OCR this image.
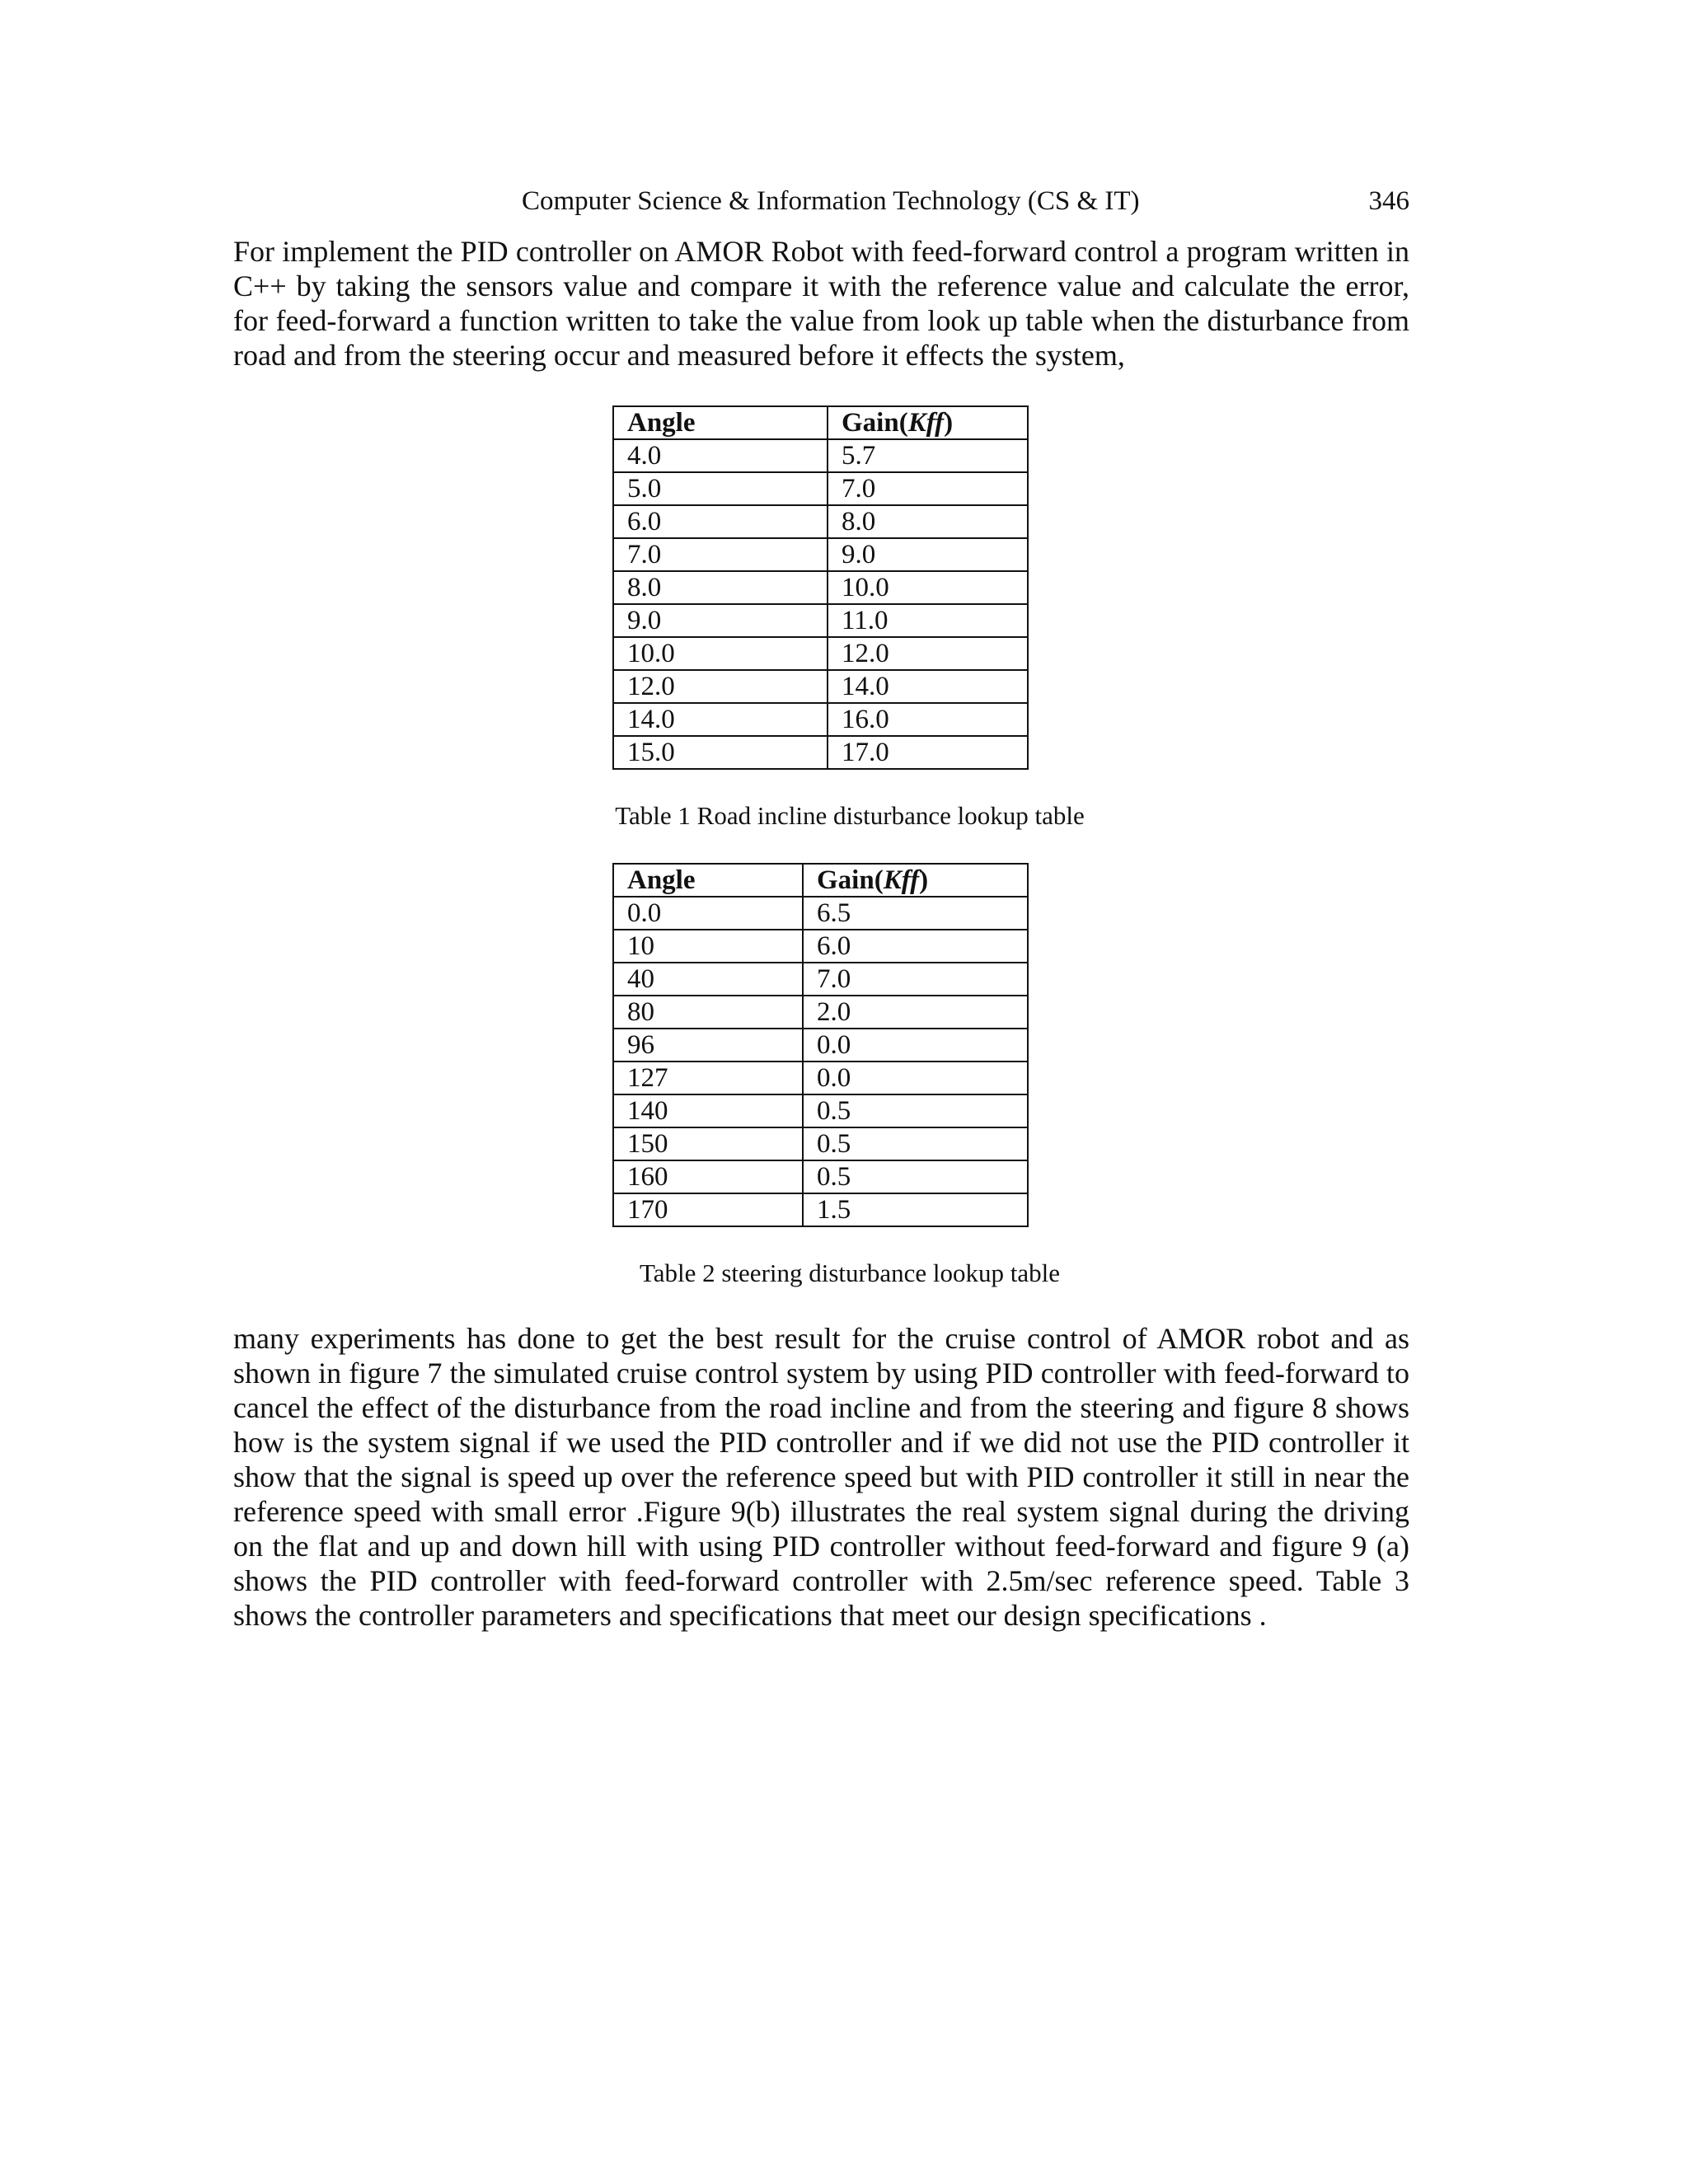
Computer Science & Information Technology (CS & IT)	346

For implement the PID controller on AMOR Robot with feed-forward control a program written in C++ by taking the sensors value and compare it with the reference value and calculate the error, for feed-forward a function written to take the value from look up table when the disturbance from road and from the steering occur and measured before it effects the system,

Angle	Gain(Kff)
4.0	5.7
5.0	7.0
6.0	8.0
7.0	9.0
8.0	10.0
9.0	11.0
10.0	12.0
12.0	14.0
14.0	16.0
15.0	17.0
Table 1 Road incline disturbance lookup table
Angle	Gain(Kff)
0.0	6.5
10	6.0
40	7.0
80	2.0
96	0.0
127	0.0
140	0.5
150	0.5
160	0.5
170	1.5
Table 2 steering disturbance lookup table

many experiments has done to get the best result for the cruise control of AMOR robot and as shown in figure 7 the simulated cruise control system by using PID controller with feed-forward to cancel the effect of the disturbance from the road incline and from the steering and figure 8 shows how is the system signal if we used the PID controller and if we did not use the PID controller it show that the signal is speed up over the reference speed but with PID controller it still in near the reference speed with small error .Figure 9(b) illustrates the real system signal during the driving on the flat and up and down hill with using PID controller without feed-forward and figure 9 (a) shows the PID controller with feed-forward controller with 2.5m/sec reference speed. Table 3 shows the controller parameters and specifications that meet our design specifications .
